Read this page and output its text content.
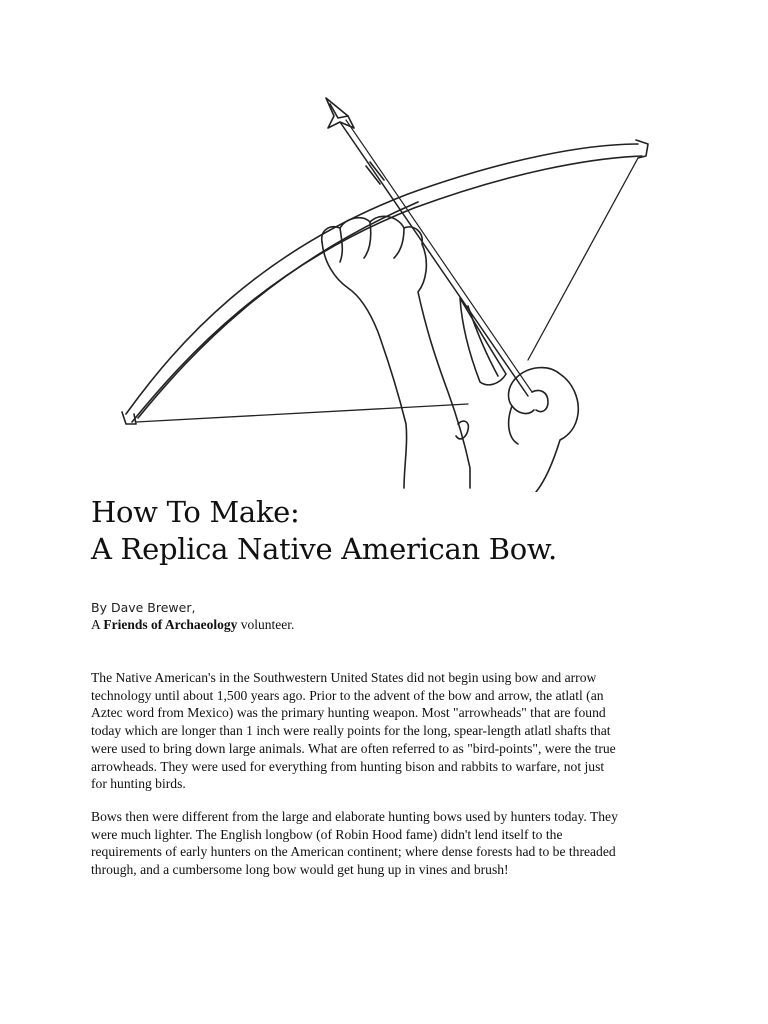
How To Make:
A Replica Native American Bow.
By Dave Brewer,
A Friends of Archaeology volunteer.

The Native American's in the Southwestern United States did not begin using bow and arrow
technology until about 1,500 years ago. Prior to the advent of the bow and arrow, the atlatl (an
Aztec word from Mexico) was the primary hunting weapon. Most "arrowheads" that are found
today which are longer than 1 inch were really points for the long, spear-length atlatl shafts that
were used to bring down large animals. What are often referred to as "bird-points", were the true
arrowheads. They were used for everything from hunting bison and rabbits to warfare, not just
for hunting birds.

Bows then were different from the large and elaborate hunting bows used by hunters today. They
were much lighter. The English longbow (of Robin Hood fame) didn't lend itself to the
requirements of early hunters on the American continent; where dense forests had to be threaded
through, and a cumbersome long bow would get hung up in vines and brush!
